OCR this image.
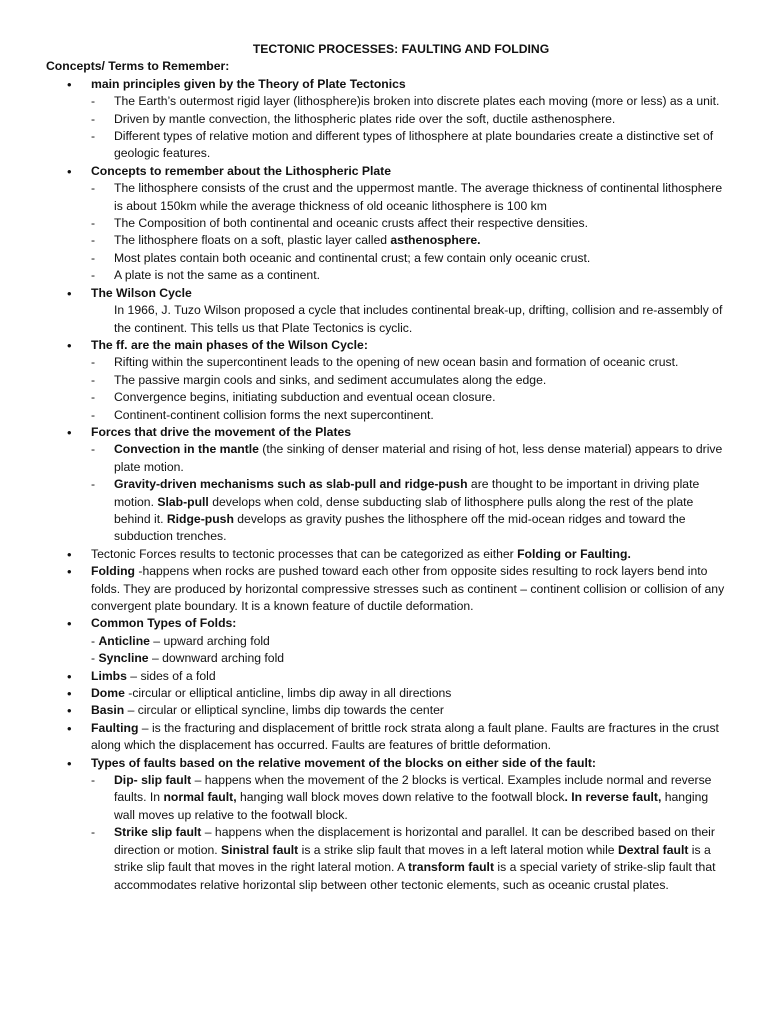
TECTONIC PROCESSES: FAULTING AND FOLDING
Concepts/ Terms to Remember:
• main principles given by the Theory of Plate Tectonics
- The Earth’s outermost rigid layer (lithosphere)is broken into discrete plates each moving (more or less) as a unit.
- Driven by mantle convection, the lithospheric plates ride over the soft, ductile asthenosphere.
- Different types of relative motion and different types of lithosphere at plate boundaries create a distinctive set of geologic features.
• Concepts to remember about the Lithospheric Plate
- The lithosphere consists of the crust and the uppermost mantle. The average thickness of continental lithosphere is about 150km while the average thickness of old oceanic lithosphere is 100 km
- The Composition of both continental and oceanic crusts affect their respective densities.
- The lithosphere floats on a soft, plastic layer called asthenosphere.
- Most plates contain both oceanic and continental crust; a few contain only oceanic crust.
- A plate is not the same as a continent.
• The Wilson Cycle
In 1966, J. Tuzo Wilson proposed a cycle that includes continental break-up, drifting, collision and re-assembly of the continent. This tells us that Plate Tectonics is cyclic.
• The ff. are the main phases of the Wilson Cycle:
- Rifting within the supercontinent leads to the opening of new ocean basin and formation of oceanic crust.
- The passive margin cools and sinks, and sediment accumulates along the edge.
- Convergence begins, initiating subduction and eventual ocean closure.
- Continent-continent collision forms the next supercontinent.
• Forces that drive the movement of the Plates
- Convection in the mantle (the sinking of denser material and rising of hot, less dense material) appears to drive plate motion.
- Gravity-driven mechanisms such as slab-pull and ridge-push are thought to be important in driving plate motion. Slab-pull develops when cold, dense subducting slab of lithosphere pulls along the rest of the plate behind it. Ridge-push develops as gravity pushes the lithosphere off the mid-ocean ridges and toward the subduction trenches.
• Tectonic Forces results to tectonic processes that can be categorized as either Folding or Faulting.
• Folding -happens when rocks are pushed toward each other from opposite sides resulting to rock layers bend into folds. They are produced by horizontal compressive stresses such as continent – continent collision or collision of any convergent plate boundary. It is a known feature of ductile deformation.
• Common Types of Folds:
- Anticline – upward arching fold
- Syncline – downward arching fold
• Limbs – sides of a fold
• Dome -circular or elliptical anticline, limbs dip away in all directions
• Basin – circular or elliptical syncline, limbs dip towards the center
• Faulting – is the fracturing and displacement of brittle rock strata along a fault plane. Faults are fractures in the crust along which the displacement has occurred. Faults are features of brittle deformation.
• Types of faults based on the relative movement of the blocks on either side of the fault:
- Dip- slip fault – happens when the movement of the 2 blocks is vertical. Examples include normal and reverse faults. In normal fault, hanging wall block moves down relative to the footwall block. In reverse fault, hanging wall moves up relative to the footwall block.
- Strike slip fault – happens when the displacement is horizontal and parallel. It can be described based on their direction or motion. Sinistral fault is a strike slip fault that moves in a left lateral motion while Dextral fault is a strike slip fault that moves in the right lateral motion. A transform fault is a special variety of strike-slip fault that accommodates relative horizontal slip between other tectonic elements, such as oceanic crustal plates.
